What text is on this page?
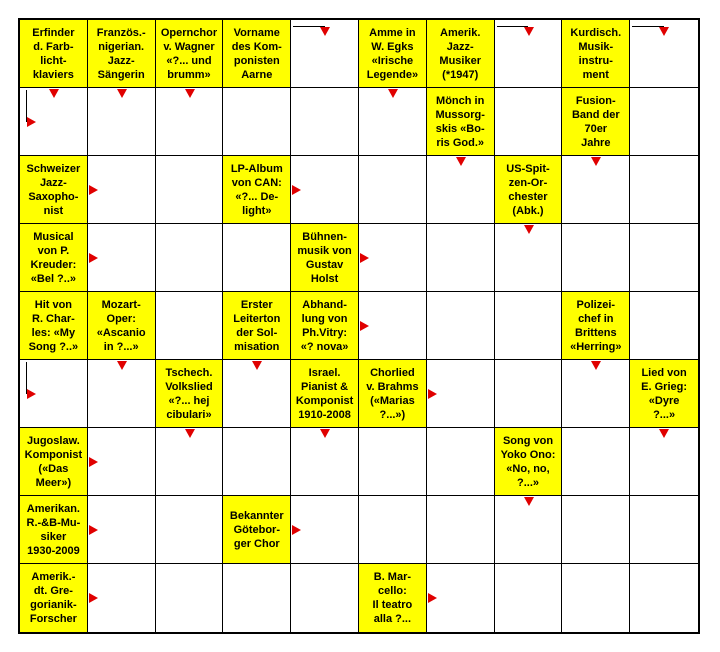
Erfinder
d. Farb-
licht-
klaviers
Französ.-
nigerian.
Jazz-
Sängerin
Opernchor
v. Wagner
«?... und
brumm»
Vorname
des Kom-
ponisten
Aarne
Amme in
W. Egks
«Irische
Legende»
Amerik.
Jazz-
Musiker
(*1947)
Kurdisch.
Musik-
instru-
ment
Mönch in
Mussorg-
skis «Bo-
ris God.»
Fusion-
Band der
70er
Jahre
Schweizer
Jazz-
Saxopho-
nist
LP-Album
von CAN:
«?... De-
light»
US-Spit-
zen-Or-
chester
(Abk.)
Musical
von P.
Kreuder:
«Bel ?..»
Bühnen-
musik von
Gustav
Holst
Hit von
R. Char-
les: «My
Song ?..»
Mozart-
Oper:
«Ascanio
in ?...»
Erster
Leiterton
der Sol-
misation
Abhand-
lung von
Ph.Vitry:
«? nova»
Polizei-
chef in
Brittens
«Herring»
Tschech.
Volkslied
«?... hej
cibulari»
Israel.
Pianist &
Komponist
1910-2008
Chorlied
v. Brahms
(«Marias
?...»)
Lied von
E. Grieg:
«Dyre
?...»
Jugoslaw.
Komponist
(«Das
Meer»)
Song von
Yoko Ono:
«No, no,
?...»
Amerikan.
R.-&B-Mu-
siker
1930-2009
Bekannter
Götebor-
ger Chor
Amerik.-
dt. Gre-
gorianik-
Forscher
B. Mar-
cello:
Il teatro
alla ?...
